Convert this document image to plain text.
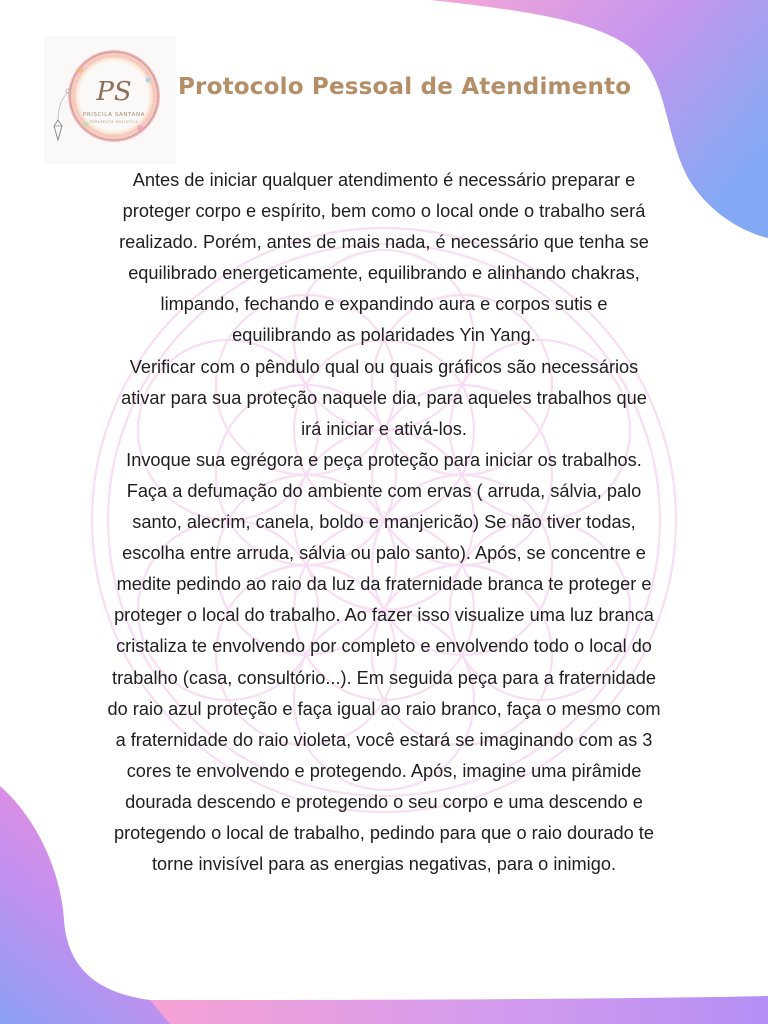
PS
PRISCILA SANTANA
TERAPEUTA HOLÍSTICA
Protocolo Pessoal de Atendimento
Antes de iniciar qualquer atendimento é necessário preparar e
proteger corpo e espírito, bem como o local onde o trabalho será
realizado. Porém, antes de mais nada, é necessário que tenha se
equilibrado energeticamente, equilibrando e alinhando chakras,
limpando, fechando e expandindo aura e corpos sutis e
equilibrando as polaridades Yin Yang.
Verificar com o pêndulo qual ou quais gráficos são necessários
ativar para sua proteção naquele dia, para aqueles trabalhos que
irá iniciar e ativá-los.
Invoque sua egrégora e peça proteção para iniciar os trabalhos.
Faça a defumação do ambiente com ervas ( arruda, sálvia, palo
santo, alecrim, canela, boldo e manjericão) Se não tiver todas,
escolha entre arruda, sálvia ou palo santo). Após, se concentre e
medite pedindo ao raio da luz da fraternidade branca te proteger e
proteger o local do trabalho. Ao fazer isso visualize uma luz branca
cristaliza te envolvendo por completo e envolvendo todo o local do
trabalho (casa, consultório...). Em seguida peça para a fraternidade
do raio azul proteção e faça igual ao raio branco, faça o mesmo com
a fraternidade do raio violeta, você estará se imaginando com as 3
cores te envolvendo e protegendo. Após, imagine uma pirâmide
dourada descendo e protegendo o seu corpo e uma descendo e
protegendo o local de trabalho, pedindo para que o raio dourado te
torne invisível para as energias negativas, para o inimigo.
